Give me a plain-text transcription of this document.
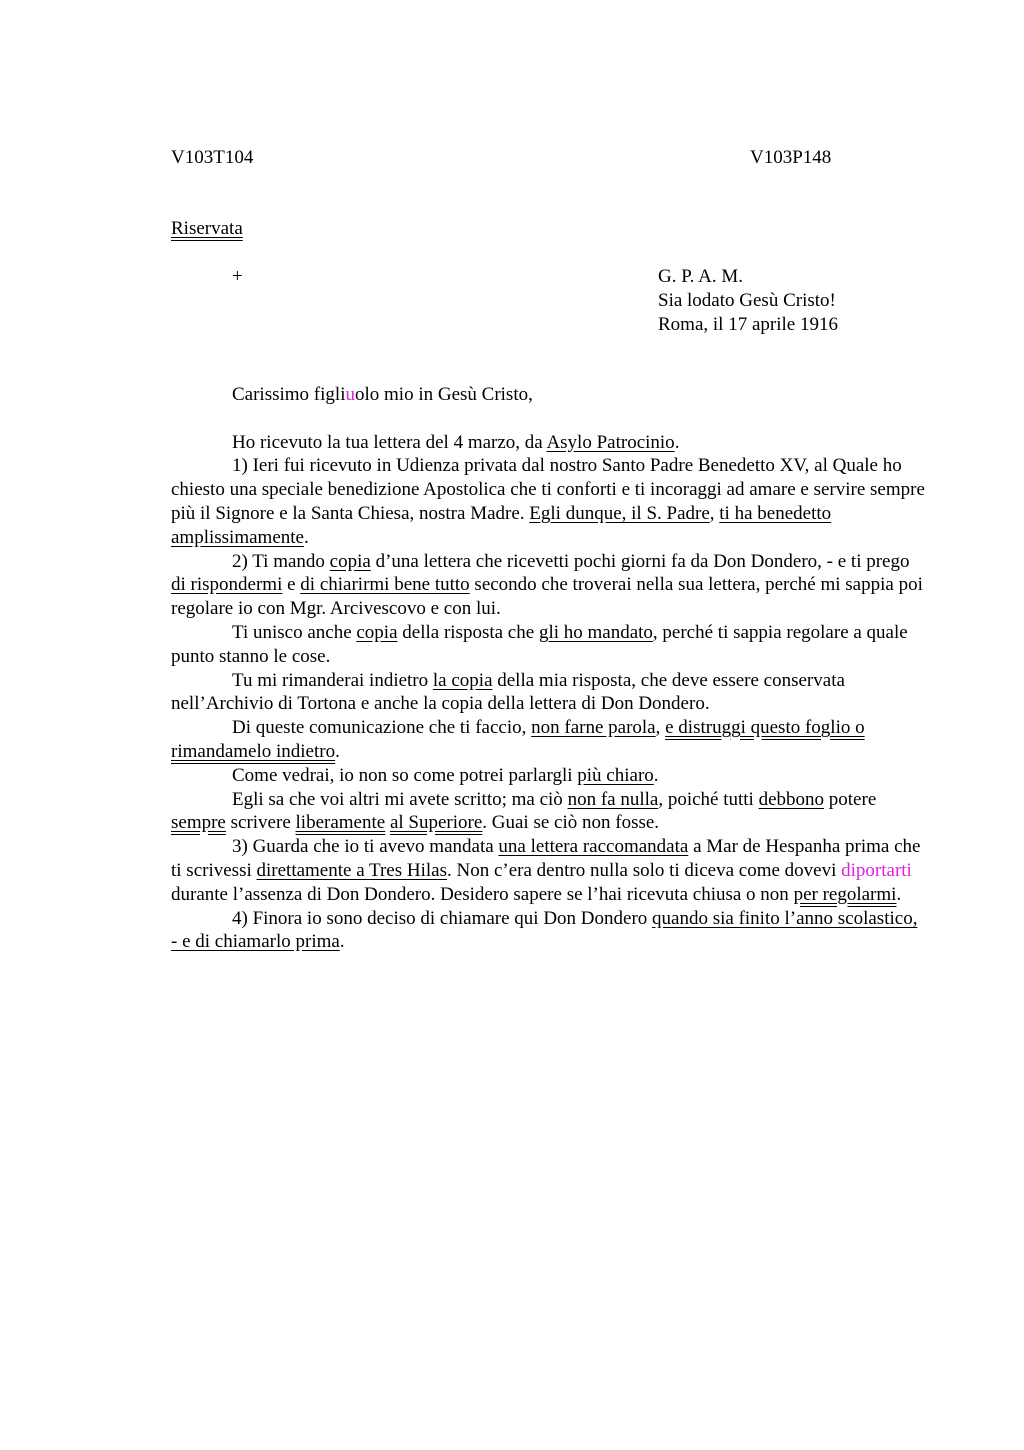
V103T104	V103P148
Riservata
+	G. P. A. M.
Sia lodato Gesù Cristo!
Roma, il 17 aprile 1916

Carissimo figliuolo mio in Gesù Cristo,

Ho ricevuto la tua lettera del 4 marzo, da Asylo Patrocinio.

1) Ieri fui ricevuto in Udienza privata dal nostro Santo Padre Benedetto XV, al Quale ho chiesto una speciale benedizione Apostolica che ti conforti e ti incoraggi ad amare e servire sempre più il Signore e la Santa Chiesa, nostra Madre. Egli dunque, il S. Padre, ti ha benedetto amplissimamente.

2) Ti mando copia d’una lettera che ricevetti pochi giorni fa da Don Dondero, - e ti prego di rispondermi e di chiarirmi bene tutto secondo che troverai nella sua lettera, perché mi sappia poi regolare io con Mgr. Arcivescovo e con lui.

Ti unisco anche copia della risposta che gli ho mandato, perché ti sappia regolare a quale punto stanno le cose.

Tu mi rimanderai indietro la copia della mia risposta, che deve essere conservata nell’Archivio di Tortona e anche la copia della lettera di Don Dondero.

Di queste comunicazione che ti faccio, non farne parola, e distruggi questo foglio o rimandamelo indietro.

Come vedrai, io non so come potrei parlargli più chiaro.

Egli sa che voi altri mi avete scritto; ma ciò non fa nulla, poiché tutti debbono potere sempre scrivere liberamente al Superiore. Guai se ciò non fosse.

3) Guarda che io ti avevo mandata una lettera raccomandata a Mar de Hespanha prima che ti scrivessi direttamente a Tres Hilas. Non c’era dentro nulla solo ti diceva come dovevi diportarti durante l’assenza di Don Dondero. Desidero sapere se l’hai ricevuta chiusa o non per regolarmi.

4) Finora io sono deciso di chiamare qui Don Dondero quando sia finito l’anno scolastico, - e di chiamarlo prima.
